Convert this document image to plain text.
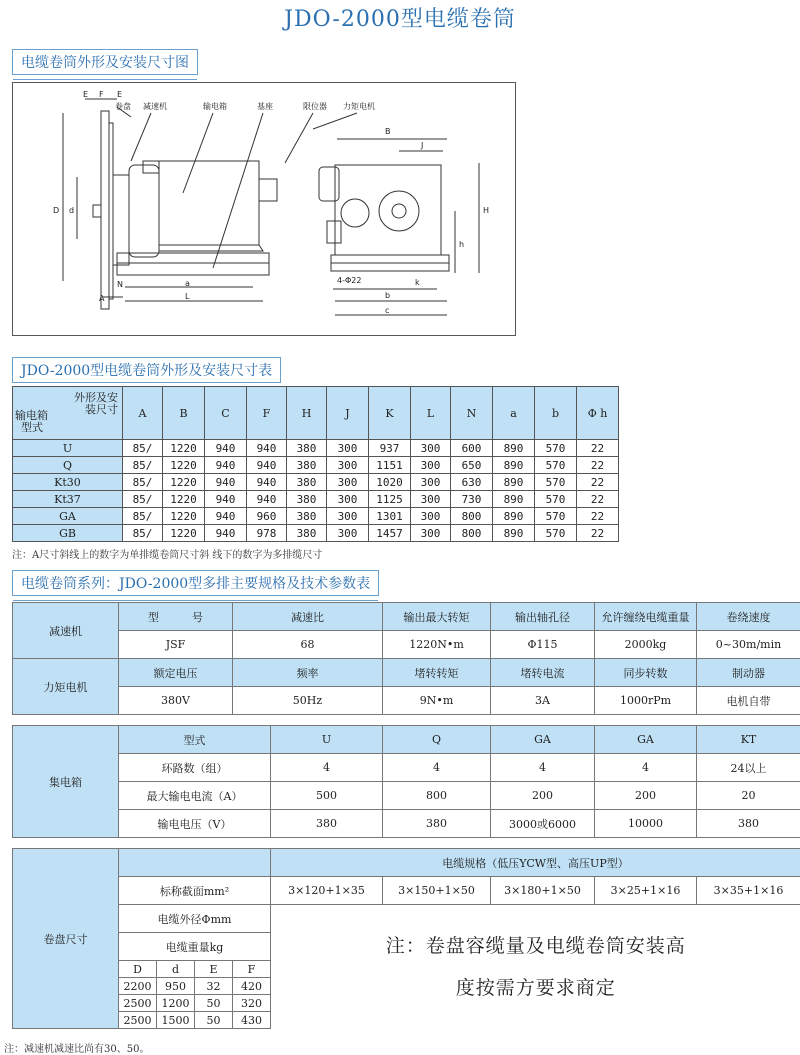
JDO-2000型电缆卷筒
电缆卷筒外形及安装尺寸图
E F E
D d
A
N	a
L
卷盘 减速机	输电箱	基座	限位器 力矩电机
B
J
H
h
4-Φ22	k
b
c
JDO-2000型电缆卷筒外形及安装尺寸表
外形及安
装尺寸
输电箱
型式	A	B	C	F	H	J	K	L	N	a	b	Φ h
U	85/	1220	940	940	380	300	937	300	600	890	570	22
Q	85/	1220	940	940	380	300	1151	300	650	890	570	22
Kt30	85/	1220	940	940	380	300	1020	300	630	890	570	22
Kt37	85/	1220	940	940	380	300	1125	300	730	890	570	22
GA	85/	1220	940	960	380	300	1301	300	800	890	570	22
GB	85/	1220	940	978	380	300	1457	300	800	890	570	22
注：A尺寸斜线上的数字为单排缆卷筒尺寸斜 线下的数字为多排缆尺寸
电缆卷筒系列：JDO-2000型多排主要规格及技术参数表
减速机	型　　　号			减速比		输出最大转矩	输出轴孔径	允许缠绕电缆重量	卷绕速度
	JSF			68		1220N•m	Φ115	2000kg	0~30m/min
力矩电机	额定电压			频率		堵转转矩	堵转电流	同步转数	制动器
	380V			50Hz		9N•m	3A	1000rPm	电机自带

集电箱	型式				U	Q	GA	GA	KT
	环路数（组）				4	4	4	4	24以上
	最大输电电流（A）				500	800	200	200	20
	输电电压（V）				380	380	3000或6000	10000	380

卷盘尺寸					电缆规格（低压YCW型、高压UP型）				
	标称截面mm²				3×120+1×35	3×150+1×50	3×180+1×50	3×25+1×16	3×35+1×16
	电缆外径Φmm				注：卷盘容缆量及电缆卷筒安装高
度按需方要求商定				

	电缆重量kg								
	D	d	E	F					
	2200	950	32	420					
	2500	1200	50	320					
	2500	1500	50	430					
注：减速机减速比尚有30、50。
